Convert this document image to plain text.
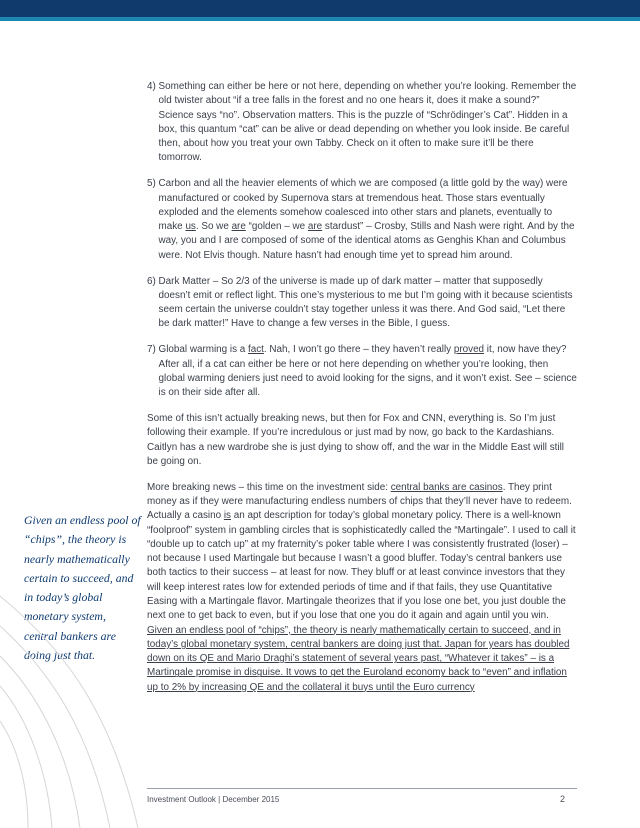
4) Something can either be here or not here, depending on whether you’re looking. Remember the old twister about “if a tree falls in the forest and no one hears it, does it make a sound?” Science says “no”. Observation matters. This is the puzzle of “Schrödinger’s Cat”. Hidden in a box, this quantum “cat” can be alive or dead depending on whether you look inside. Be careful then, about how you treat your own Tabby. Check on it often to make sure it’ll be there tomorrow.
5) Carbon and all the heavier elements of which we are composed (a little gold by the way) were manufactured or cooked by Supernova stars at tremendous heat. Those stars eventually exploded and the elements somehow coalesced into other stars and planets, eventually to make us. So we are “golden – we are stardust” – Crosby, Stills and Nash were right. And by the way, you and I are composed of some of the identical atoms as Genghis Khan and Columbus were. Not Elvis though. Nature hasn’t had enough time yet to spread him around.
6) Dark Matter – So 2/3 of the universe is made up of dark matter – matter that supposedly doesn’t emit or reflect light. This one’s mysterious to me but I’m going with it because scientists seem certain the universe couldn’t stay together unless it was there. And God said, “Let there be dark matter!” Have to change a few verses in the Bible, I guess.
7) Global warming is a fact. Nah, I won’t go there – they haven’t really proved it, now have they? After all, if a cat can either be here or not here depending on whether you’re looking, then global warming deniers just need to avoid looking for the signs, and it won’t exist. See – science is on their side after all.

Some of this isn’t actually breaking news, but then for Fox and CNN, everything is. So I’m just following their example. If you’re incredulous or just mad by now, go back to the Kardashians. Caitlyn has a new wardrobe she is just dying to show off, and the war in the Middle East will still be going on.

More breaking news – this time on the investment side: central banks are casinos. They print money as if they were manufacturing endless numbers of chips that they’ll never have to redeem. Actually a casino is an apt description for today’s global monetary policy. There is a well-known “foolproof” system in gambling circles that is sophisticatedly called the “Martingale”. I used to call it “double up to catch up” at my fraternity’s poker table where I was consistently frustrated (loser) – not because I used Martingale but because I wasn’t a good bluffer. Today’s central bankers use both tactics to their success – at least for now. They bluff or at least convince investors that they will keep interest rates low for extended periods of time and if that fails, they use Quantitative Easing with a Martingale flavor. Martingale theorizes that if you lose one bet, you just double the next one to get back to even, but if you lose that one you do it again and again until you win. Given an endless pool of “chips”, the theory is nearly mathematically certain to succeed, and in today’s global monetary system, central bankers are doing just that. Japan for years has doubled down on its QE and Mario Draghi’s statement of several years past, “Whatever it takes” – is a Martingale promise in disguise. It vows to get the Euroland economy back to “even” and inflation up to 2% by increasing QE and the collateral it buys until the Euro currency

Given an endless pool of “chips”, the theory is nearly mathematically certain to succeed, and in today’s global monetary system, central bankers are doing just that.
Investment Outlook | December 2015	2
